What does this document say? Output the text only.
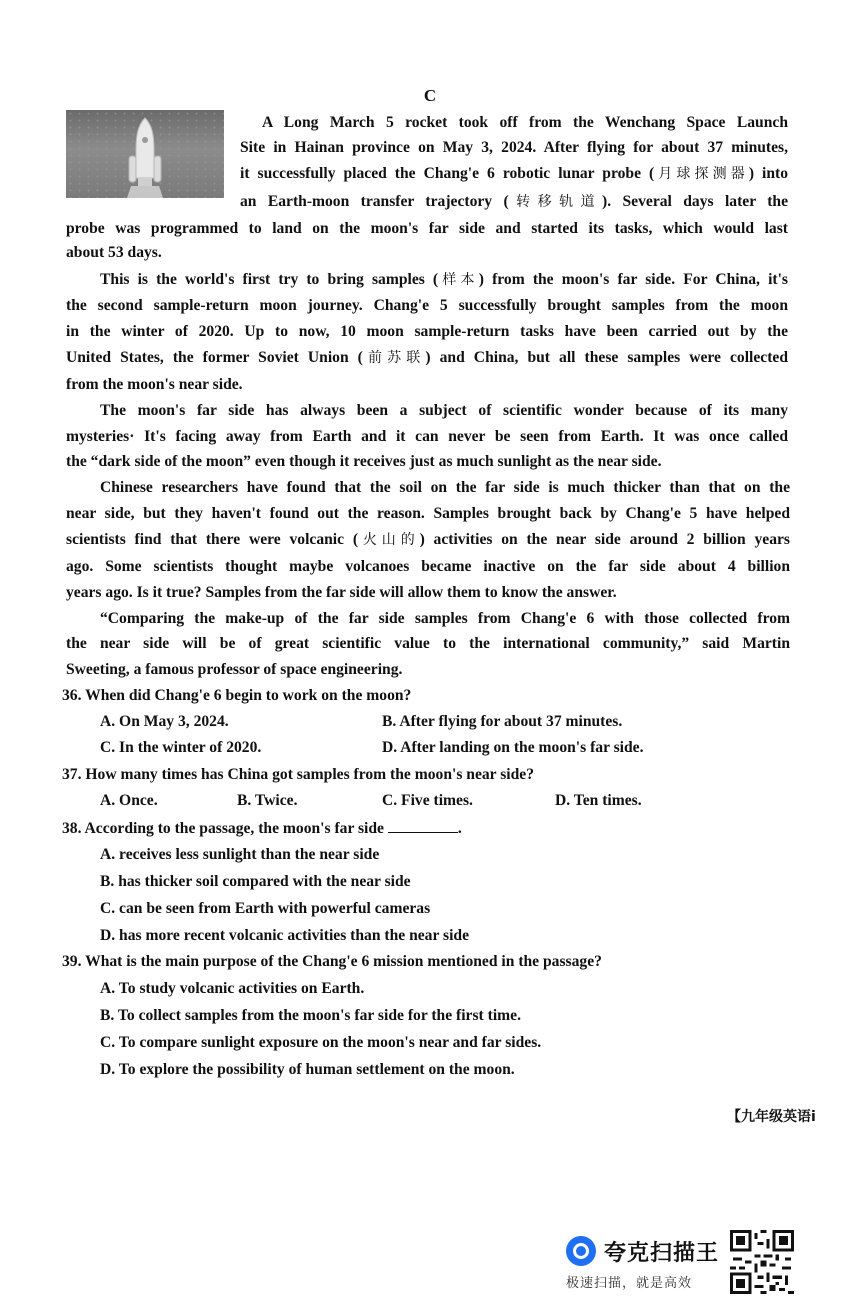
C
A Long March 5 rocket took off from the Wenchang Space Launch
Site in Hainan province on May 3, 2024. After flying for about 37 minutes,
it successfully placed the Chang'e 6 robotic lunar probe (月球探测器) into
an Earth-moon transfer trajectory (转移轨道). Several days later the
probe was programmed to land on the moon's far side and started its tasks, which would last
about 53 days.
This is the world's first try to bring samples (样本) from the moon's far side. For China, it's
the second sample-return moon journey. Chang'e 5 successfully brought samples from the moon
in the winter of 2020. Up to now, 10 moon sample-return tasks have been carried out by the
United States, the former Soviet Union (前苏联) and China, but all these samples were collected
from the moon's near side.
The moon's far side has always been a subject of scientific wonder because of its many
mysteries· It's facing away from Earth and it can never be seen from Earth. It was once called
the “dark side of the moon” even though it receives just as much sunlight as the near side.
Chinese researchers have found that the soil on the far side is much thicker than that on the
near side, but they haven't found out the reason. Samples brought back by Chang'e 5 have helped
scientists find that there were volcanic (火山的) activities on the near side around 2 billion years
ago. Some scientists thought maybe volcanoes became inactive on the far side about 4 billion
years ago. Is it true? Samples from the far side will allow them to know the answer.
“Comparing the make-up of the far side samples from Chang'e 6 with those collected from
the near side will be of great scientific value to the international community,” said Martin
Sweeting, a famous professor of space engineering.
36. When did Chang'e 6 begin to work on the moon?
A. On May 3, 2024.	B. After flying for about 37 minutes.
C. In the winter of 2020.	D. After landing on the moon's far side.
37. How many times has China got samples from the moon's near side?
A. Once.	B. Twice.	C. Five times.	D. Ten times.
38. According to the passage, the moon's far side	.
A. receives less sunlight than the near side
B. has thicker soil compared with the near side
C. can be seen from Earth with powerful cameras
D. has more recent volcanic activities than the near side
39. What is the main purpose of the Chang'e 6 mission mentioned in the passage?
A. To study volcanic activities on Earth.
B. To collect samples from the moon's far side for the first time.
C. To compare sunlight exposure on the moon's near and far sides.
D. To explore the possibility of human settlement on the moon.
【九年级英语i
夸克扫描王
极速扫描，就是高效
